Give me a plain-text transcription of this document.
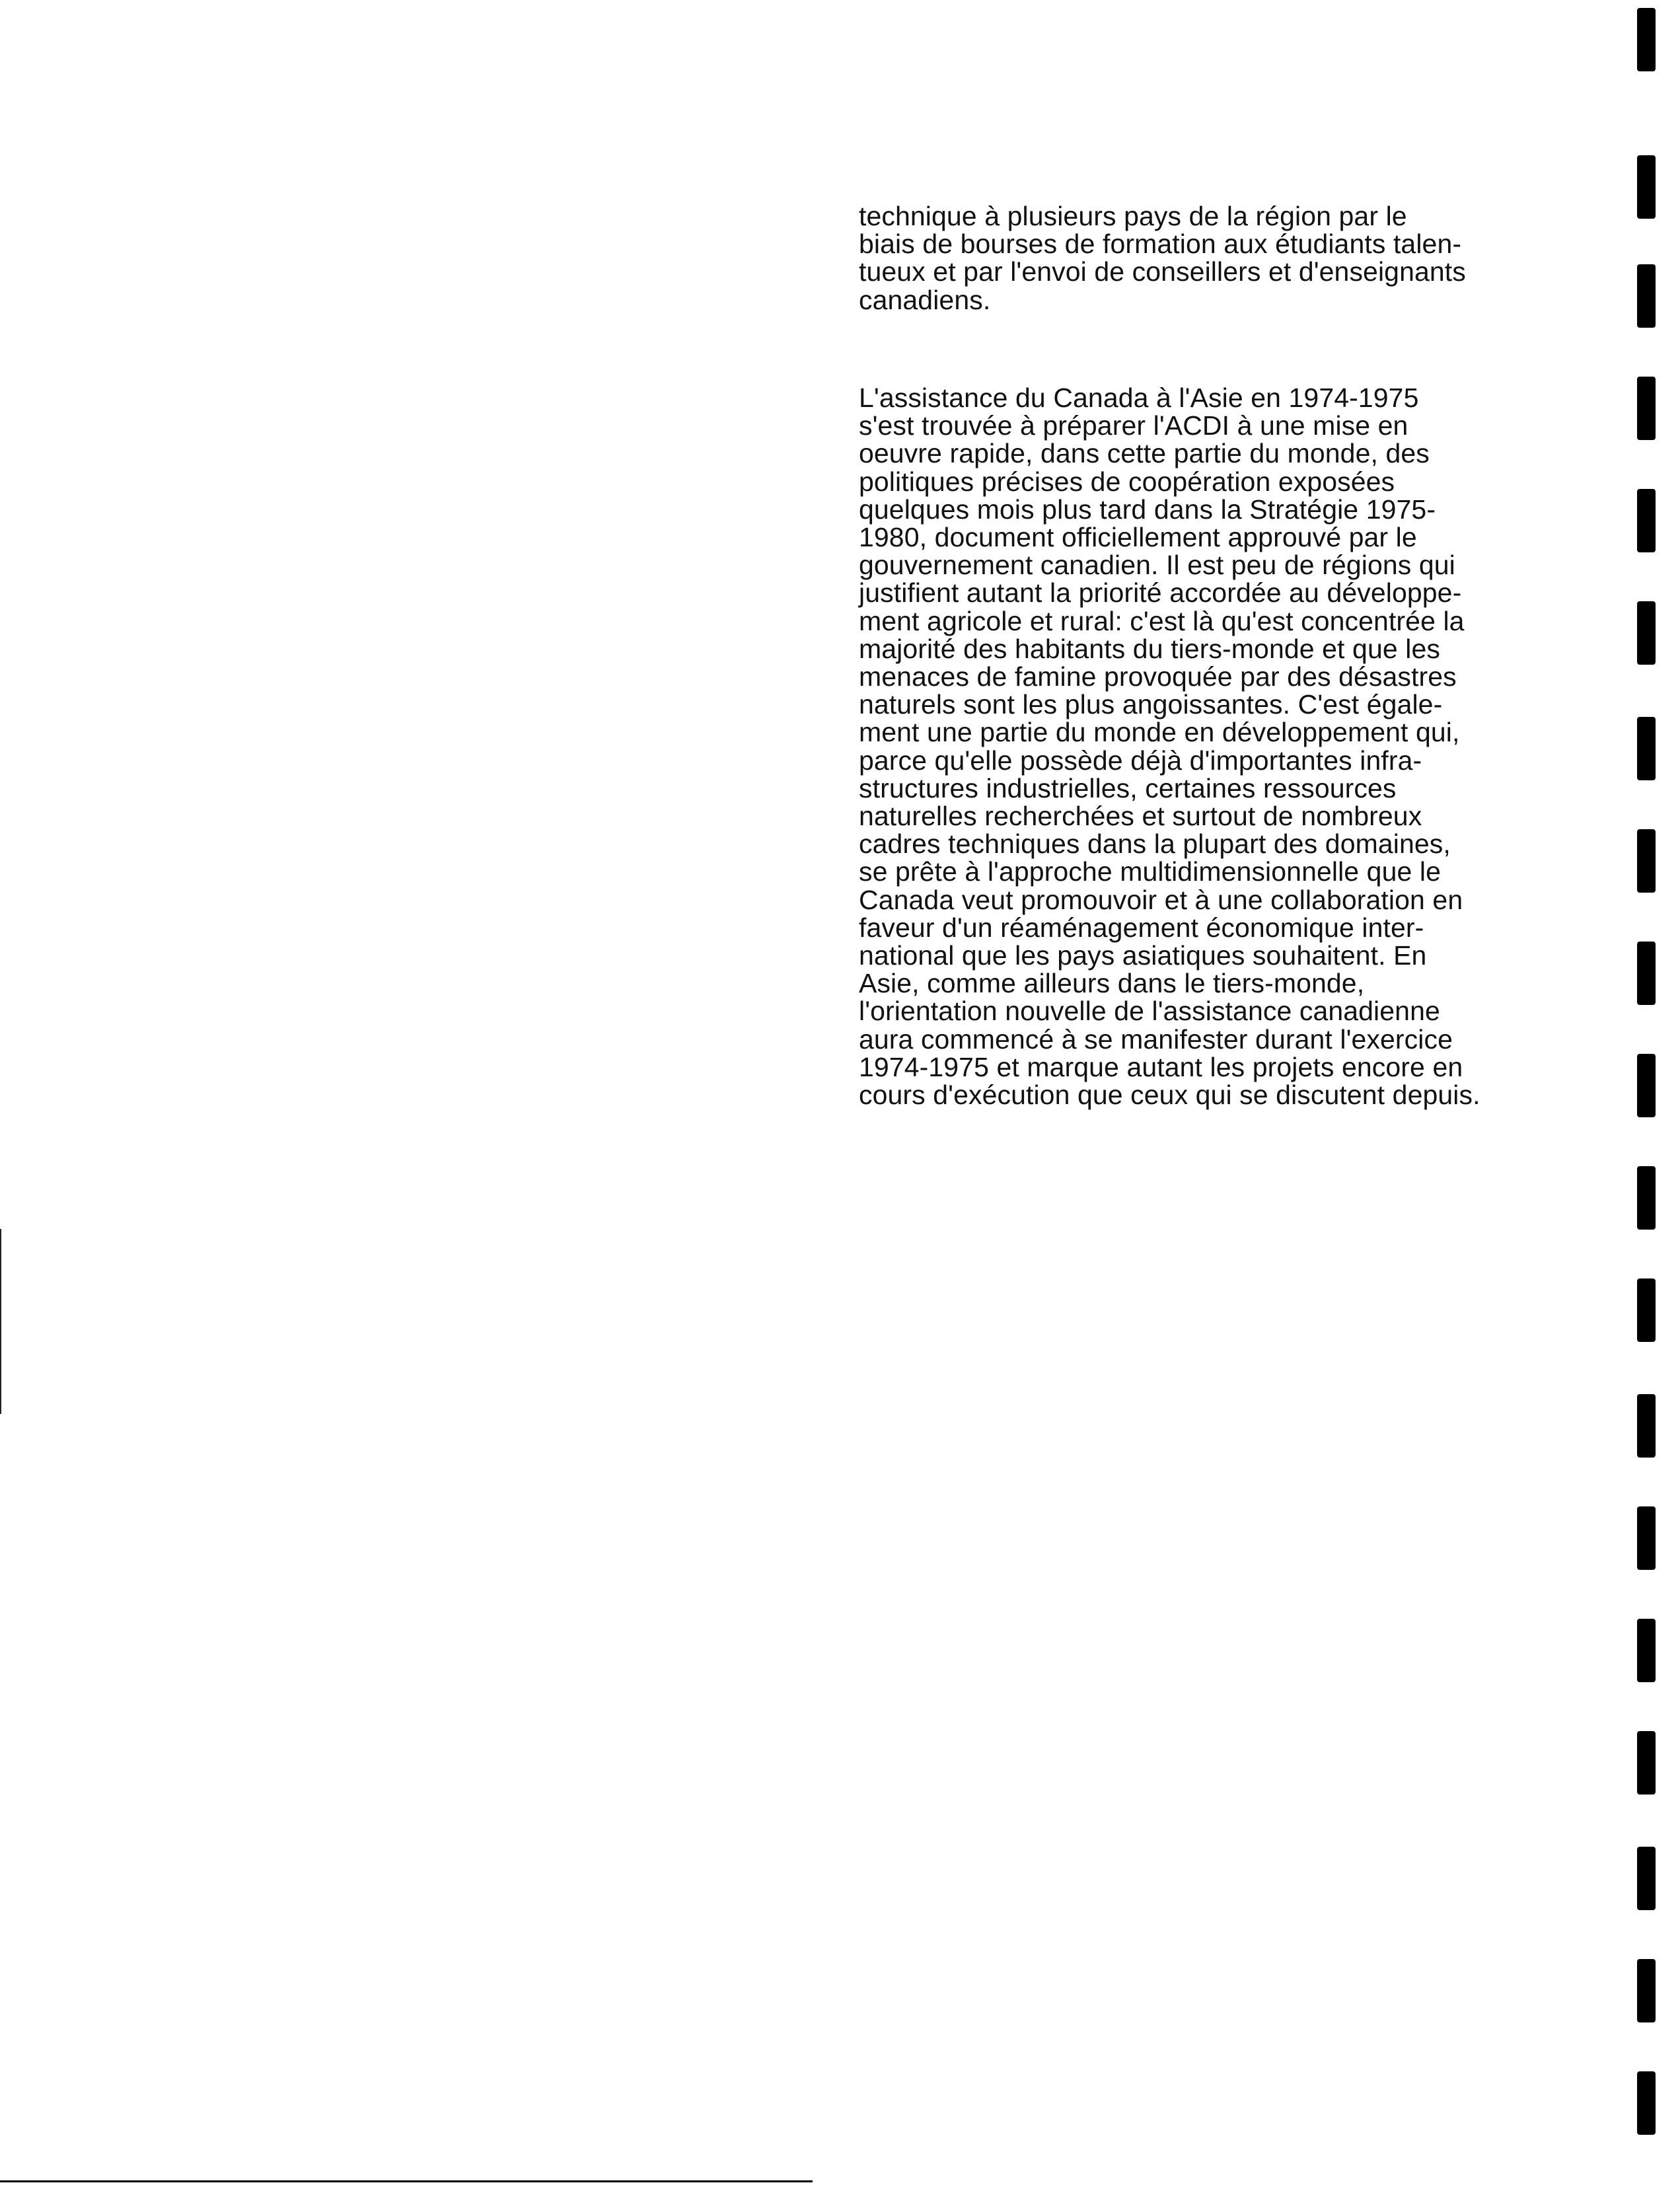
technique à plusieurs pays de la région par le
biais de bourses de formation aux étudiants talen-
tueux et par l'envoi de conseillers et d'enseignants
canadiens.
L'assistance du Canada à l'Asie en 1974-1975
s'est trouvée à préparer l'ACDI à une mise en
oeuvre rapide, dans cette partie du monde, des
politiques précises de coopération exposées
quelques mois plus tard dans la Stratégie 1975-
1980, document officiellement approuvé par le
gouvernement canadien. Il est peu de régions qui
justifient autant la priorité accordée au développe-
ment agricole et rural: c'est là qu'est concentrée la
majorité des habitants du tiers-monde et que les
menaces de famine provoquée par des désastres
naturels sont les plus angoissantes. C'est égale-
ment une partie du monde en développement qui,
parce qu'elle possède déjà d'importantes infra-
structures industrielles, certaines ressources
naturelles recherchées et surtout de nombreux
cadres techniques dans la plupart des domaines,
se prête à l'approche multidimensionnelle que le
Canada veut promouvoir et à une collaboration en
faveur d'un réaménagement économique inter-
national que les pays asiatiques souhaitent. En
Asie, comme ailleurs dans le tiers-monde,
l'orientation nouvelle de l'assistance canadienne
aura commencé à se manifester durant l'exercice
1974-1975 et marque autant les projets encore en
cours d'exécution que ceux qui se discutent depuis.
